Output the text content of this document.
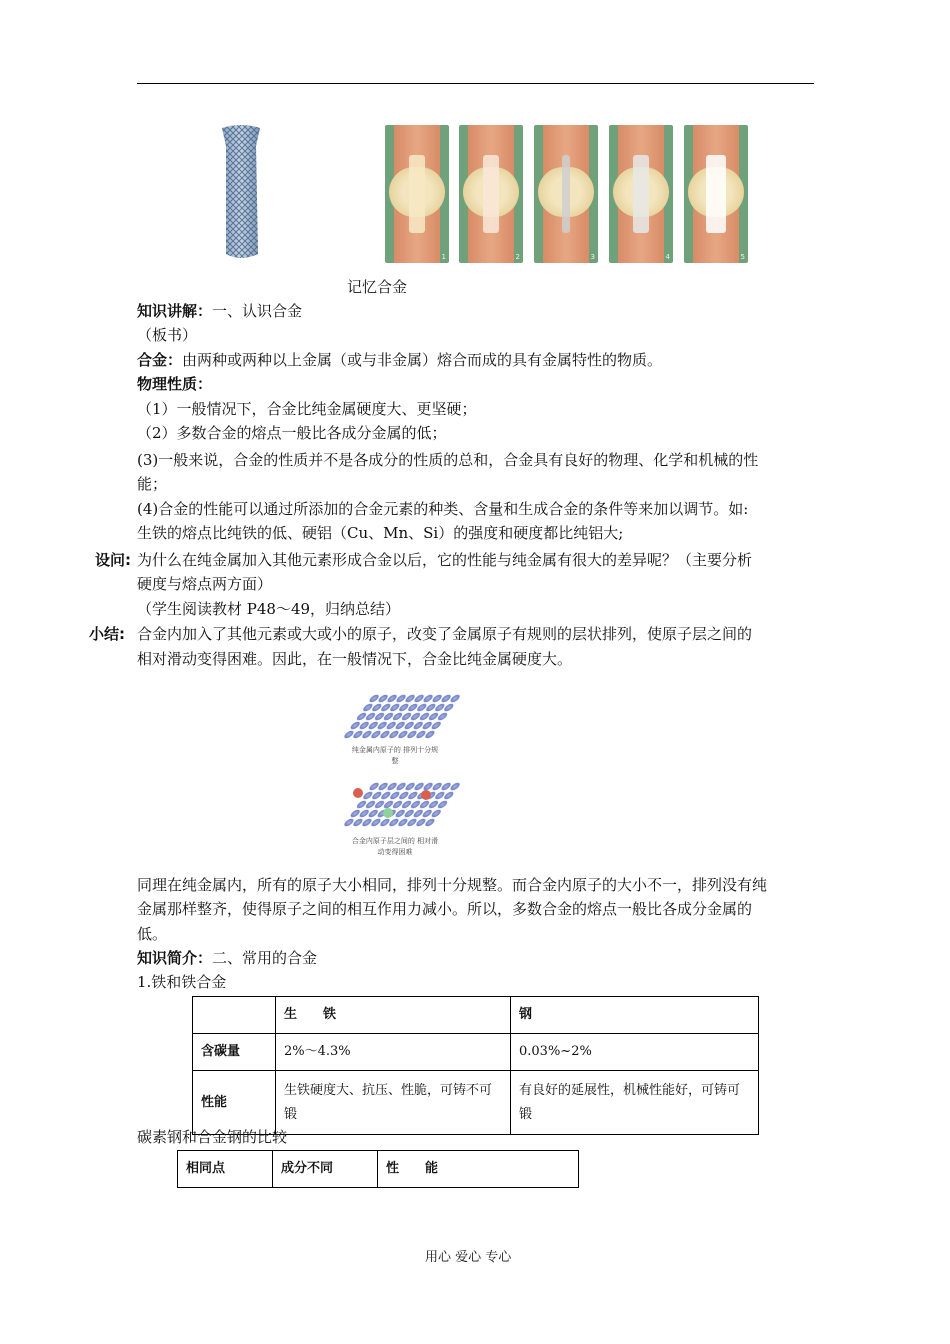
1	2	3	4	5
记忆合金
知识讲解：一、认识合金
（板书）
合金：由两种或两种以上金属（或与非金属）熔合而成的具有金属特性的物质。
物理性质：
（1）一般情况下，合金比纯金属硬度大、更坚硬；
（2）多数合金的熔点一般比各成分金属的低；
(3)一般来说，合金的性质并不是各成分的性质的总和，合金具有良好的物理、化学和机械的性
能；
(4)合金的性能可以通过所添加的合金元素的种类、含量和生成合金的条件等来加以调节。如:
生铁的熔点比纯铁的低、硬铝（Cu、Mn、Si）的强度和硬度都比纯铝大;
设问: 为什么在纯金属加入其他元素形成合金以后，它的性能与纯金属有很大的差异呢？（主要分析
硬度与熔点两方面）
（学生阅读教材 P48～49，归纳总结）
小结: 合金内加入了其他元素或大或小的原子，改变了金属原子有规则的层状排列，使原子层之间的
相对滑动变得困难。因此，在一般情况下，合金比纯金属硬度大。
纯金属内原子的 排列十分规整
合金内原子层之间的 相对滑动变得困难
同理在纯金属内，所有的原子大小相同，排列十分规整。而合金内原子的大小不一，排列没有纯
金属那样整齐，使得原子之间的相互作用力减小。所以，多数合金的熔点一般比各成分金属的
低。
知识简介：二、常用的合金
1.铁和铁合金
	生　　铁	钢
含碳量	2%～4.3%	0.03%~2%
性能	生铁硬度大、抗压、性脆，可铸不可锻	有良好的延展性，机械性能好，可铸可锻
碳素钢和合金钢的比较
相同点	成分不同	性　　能
用心 爱心 专心
